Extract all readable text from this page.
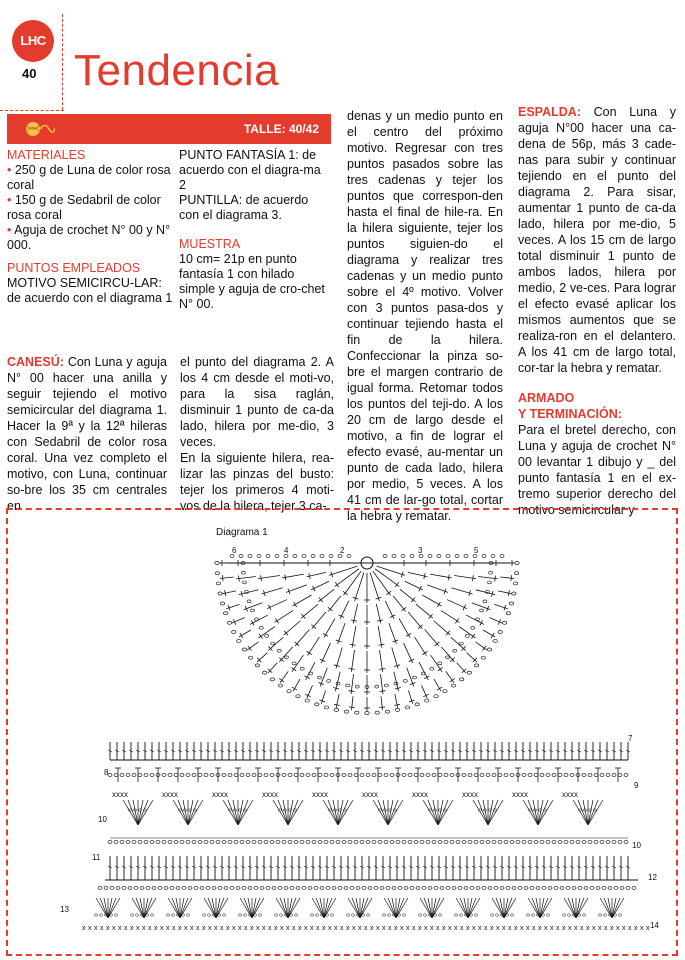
LHC
40 Tendencia
TALLE: 40/42
MATERIALES
• 250 g de Luna de color rosa coral
• 150 g de Sedabril de color rosa coral
• Aguja de crochet N° 00 y N° 000.
PUNTOS EMPLEADOS
MOTIVO SEMICIRCU-LAR: de acuerdo con el diagrama 1
PUNTO FANTASÍA 1: de acuerdo con el diagra-ma 2
PUNTILLA: de acuerdo con el diagrama 3.
MUESTRA
10 cm= 21p en punto fantasía 1 con hilado simple y aguja de cro-chet N° 00.
CANESÚ: Con Luna y aguja N° 00 hacer una anilla y seguir tejiendo el motivo semicircular del diagrama 1. Hacer la 9ª y la 12ª hileras con Sedabril de color rosa coral. Una vez completo el motivo, con Luna, continuar so-bre los 35 cm centrales en
el punto del diagrama 2. A los 4 cm desde el moti-vo, para la sisa raglán, disminuir 1 punto de ca-da lado, hilera por me-dio, 3 veces.
En la siguiente hilera, rea-lizar las pinzas del busto: tejer los primeros 4 moti-vos de la hilera, tejer 3 ca-
denas y un medio punto en el centro del próximo motivo. Regresar con tres puntos pasados sobre las tres cadenas y tejer los puntos que correspon-den hasta el final de hile-ra. En la hilera siguiente, tejer los puntos siguien-do el diagrama y realizar tres cadenas y un medio punto sobre el 4º motivo. Volver con 3 puntos pasa-dos y continuar tejiendo hasta el fin de la hilera. Confeccionar la pinza so-bre el margen contrario de igual forma. Retomar todos los puntos del teji-do. A los 20 cm de largo desde el motivo, a fin de lograr el efecto evasé, au-mentar un punto de cada lado, hilera por medio, 5 veces. A los 41 cm de lar-go total, cortar la hebra y rematar.
ESPALDA: Con Luna y aguja N°00 hacer una ca-dena de 56p, más 3 cade-nas para subir y continuar tejiendo en el punto del diagrama 2. Para sisar, aumentar 1 punto de ca-da lado, hilera por me-dio, 5 veces. A los 15 cm de largo total disminuir 1 punto de ambos lados, hilera por medio, 2 ve-ces. Para lograr el efecto evasé aplicar los mismos aumentos que se realiza-ron en el delantero. A los 41 cm de largo total, cor-tar la hebra y rematar.
ARMADO
Y TERMINACIÓN:
Para el bretel derecho, con Luna y aguja de crochet N° 00 levantar 1 dibujo y _ del punto fantasía 1 en el ex-tremo superior derecho del motivo semicircular y
Diagrama 1
xxxx	xxxx	xxxx	xxxx	xxxx	xxxx	xxxx	xxxx	xxxx	xxxx
x x x x x x x x x x x x x x x x x x x x x x x x x x x x x x x x x x x x x x x x x x x x x x x x x x x x x x x x x x x x x x x x x x x x x x x x x x x x x x x x x x x x x x x x x x x x x x x
6	4	2	3	5
7
8
9
10
10
11
12
13
14
